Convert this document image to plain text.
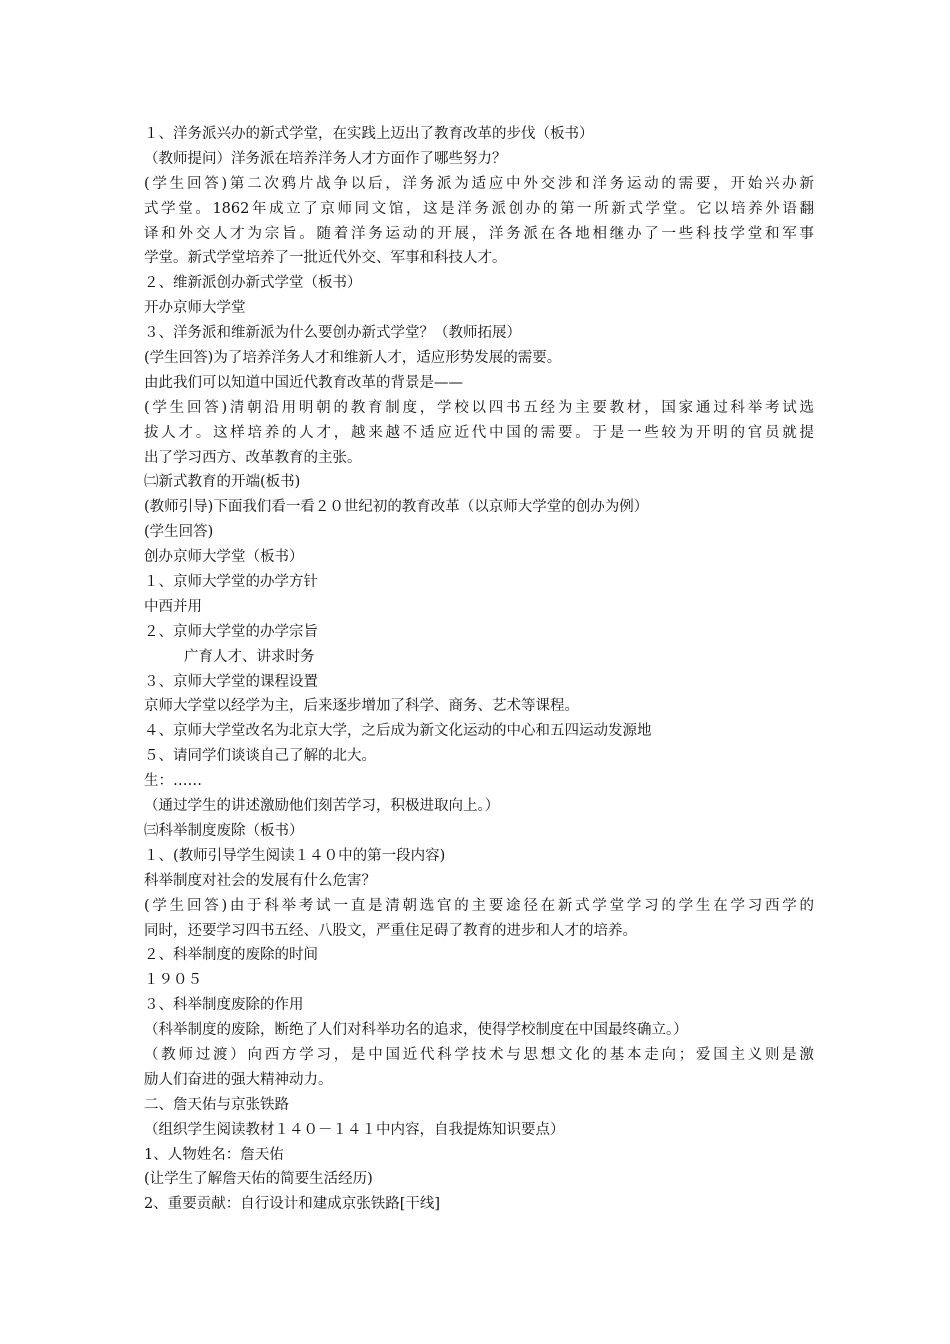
１、洋务派兴办的新式学堂，在实践上迈出了教育改革的步伐（板书）
（教师提问）洋务派在培养洋务人才方面作了哪些努力？
(学生回答)第二次鸦片战争以后，洋务派为适应中外交涉和洋务运动的需要，开始兴办新
式学堂。1862年成立了京师同文馆，这是洋务派创办的第一所新式学堂。它以培养外语翻
译和外交人才为宗旨。随着洋务运动的开展，洋务派在各地相继办了一些科技学堂和军事
学堂。新式学堂培养了一批近代外交、军事和科技人才。
２、维新派创办新式学堂（板书）
开办京师大学堂
３、洋务派和维新派为什么要创办新式学堂？（教师拓展）
(学生回答)为了培养洋务人才和维新人才，适应形势发展的需要。
由此我们可以知道中国近代教育改革的背景是——
(学生回答)清朝沿用明朝的教育制度，学校以四书五经为主要教材，国家通过科举考试选
拔人才。这样培养的人才，越来越不适应近代中国的需要。于是一些较为开明的官员就提
出了学习西方、改革教育的主张。
㈡新式教育的开端(板书)
(教师引导)下面我们看一看２０世纪初的教育改革（以京师大学堂的创办为例）
(学生回答)
创办京师大学堂（板书）
１、京师大学堂的办学方针
中西并用
２、京师大学堂的办学宗旨
广育人才、讲求时务
３、京师大学堂的课程设置
京师大学堂以经学为主，后来逐步增加了科学、商务、艺术等课程。
４、京师大学堂改名为北京大学，之后成为新文化运动的中心和五四运动发源地
５、请同学们谈谈自己了解的北大。
生：……
（通过学生的讲述激励他们刻苦学习，积极进取向上。）
㈢科举制度废除（板书）
１、(教师引导学生阅读１４０中的第一段内容)
科举制度对社会的发展有什么危害？
(学生回答)由于科举考试一直是清朝选官的主要途径在新式学堂学习的学生在学习西学的
同时，还要学习四书五经、八股文，严重住足碍了教育的进步和人才的培养。
２、科举制度的废除的时间
１９０５
３、科举制度废除的作用
（科举制度的废除，断绝了人们对科举功名的追求，使得学校制度在中国最终确立。）
（教师过渡）向西方学习，是中国近代科学技术与思想文化的基本走向；爱国主义则是激
励人们奋进的强大精神动力。
二、詹天佑与京张铁路
（组织学生阅读教材１４０－１４１中内容，自我提炼知识要点）
1、人物姓名：詹天佑
(让学生了解詹天佑的简要生活经历)
2、重要贡献：自行设计和建成京张铁路[干线]
